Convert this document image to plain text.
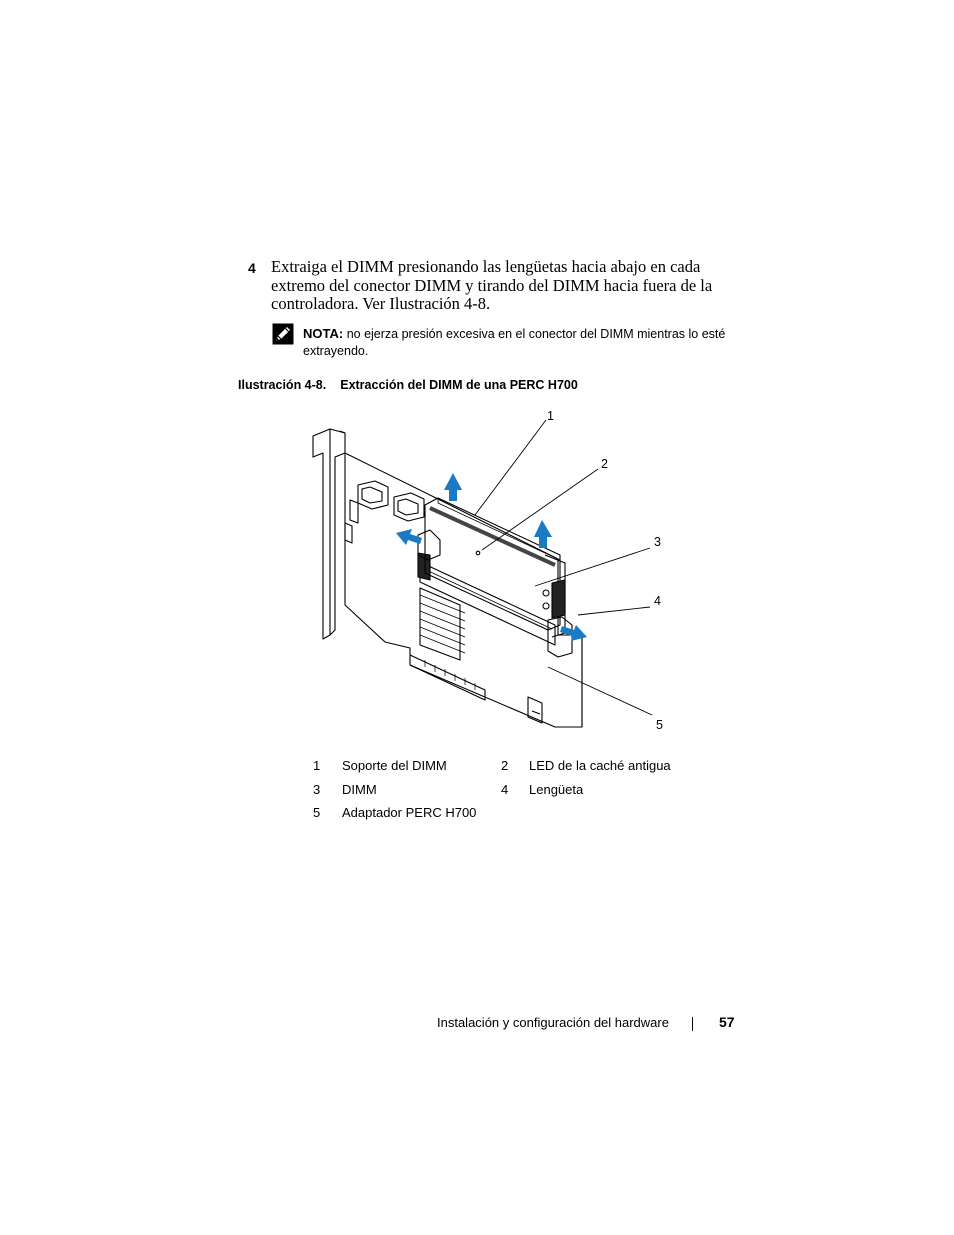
4 Extraiga el DIMM presionando las lengüetas hacia abajo en cada extremo del conector DIMM y tirando del DIMM hacia fuera de la controladora. Ver Ilustración 4-8.
NOTA: no ejerza presión excesiva en el conector del DIMM mientras lo esté extrayendo.
Ilustración 4-8. Extracción del DIMM de una PERC H700
1
2
3
4
5
1 Soporte del DIMM	2 LED de la caché antigua
3 DIMM	4 Lengüeta
5 Adaptador PERC H700
Instalación y configuración del hardware	57
